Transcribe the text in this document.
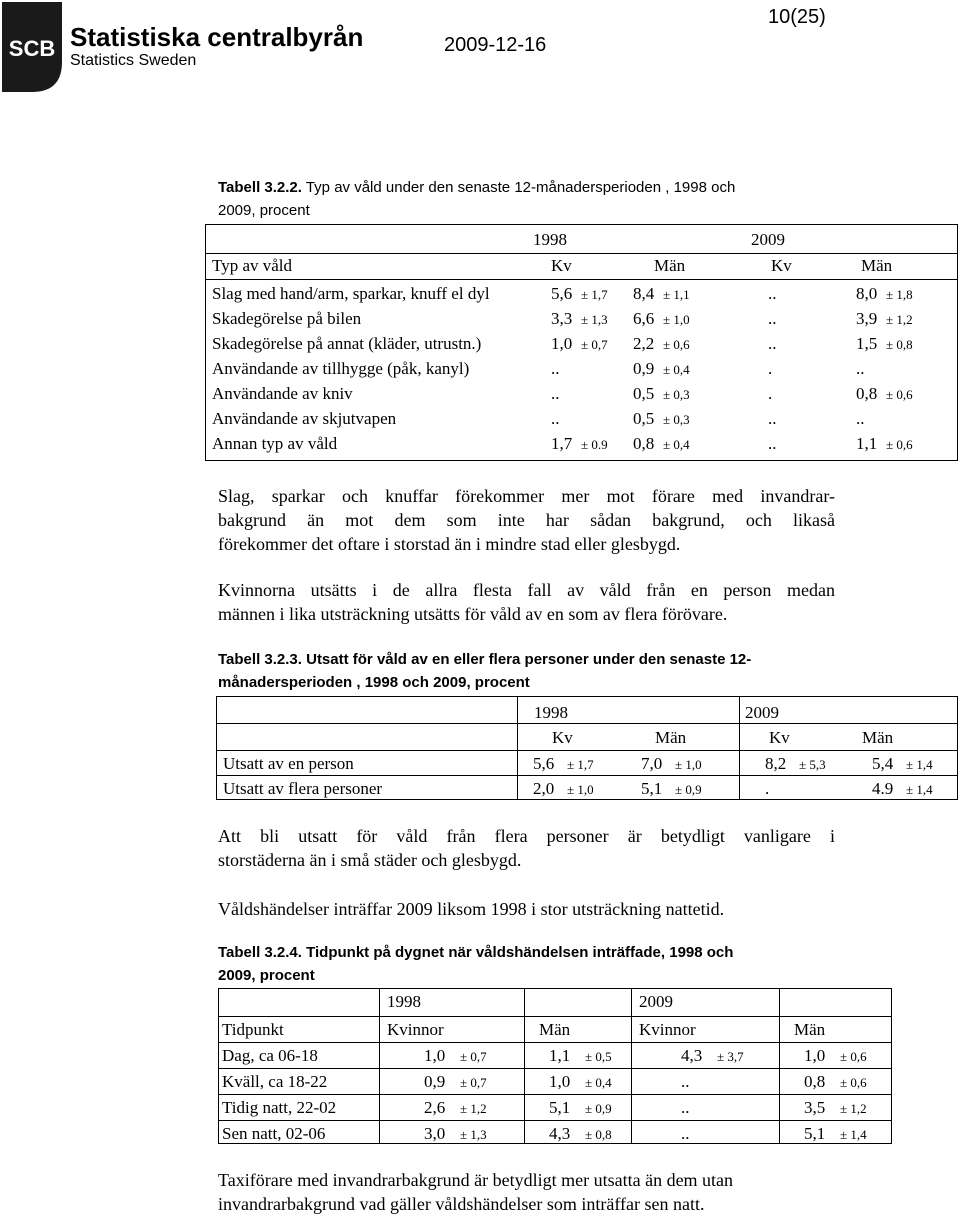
SCB Statistiska centralbyrån
Statistics Sweden
2009-12-16
10(25)
Tabell 3.2.2. Typ av våld under den senaste 12-månadersperioden , 1998 och
2009, procent
1998	2009
Typ av våld	Kv	Män	Kv	Män
Slag med hand/arm, sparkar, knuff el dyl	5,6 ± 1,7 8,4 ± 1,1	..	8,0 ± 1,8
Skadegörelse på bilen	3,3 ± 1,3 6,6 ± 1,0	..	3,9 ± 1,2
Skadegörelse på annat (kläder, utrustn.)	1,0 ± 0,7 2,2 ± 0,6	..	1,5 ± 0,8
Användande av tillhygge (påk, kanyl)	..	0,9 ± 0,4	.	..
Användande av kniv	..	0,5 ± 0,3	.	0,8 ± 0,6
Användande av skjutvapen	..	0,5 ± 0,3	..	..
Annan typ av våld	1,7 ± 0.9 0,8 ± 0,4	..	1,1 ± 0,6
Slag, sparkar och knuffar förekommer mer mot förare med invandrar-
bakgrund än mot dem som inte har sådan bakgrund, och likaså
förekommer det oftare i storstad än i mindre stad eller glesbygd.
Kvinnorna utsätts i de allra flesta fall av våld från en person medan
männen i lika utsträckning utsätts för våld av en som av flera förövare.
Tabell 3.2.3. Utsatt för våld av en eller flera personer under den senaste 12-
månadersperioden , 1998 och 2009, procent
1998	2009
Kv	Män	Kv	Män
Utsatt av en person	5,6 ± 1,7	7,0 ± 1,0	8,2 ± 5,3	5,4 ± 1,4
Utsatt av flera personer	2,0 ± 1,0	5,1 ± 0,9	.	4.9 ± 1,4
Att bli utsatt för våld från flera personer är betydligt vanligare i
storstäderna än i små städer och glesbygd.
Våldshändelser inträffar 2009 liksom 1998 i stor utsträckning nattetid.
Tabell 3.2.4. Tidpunkt på dygnet när våldshändelsen inträffade, 1998 och
2009, procent
1998	2009
Tidpunkt	Kvinnor	Män	Kvinnor	Män
Dag, ca 06-18	1,0 ± 0,7	1,1 ± 0,5	4,3 ± 3,7	1,0 ± 0,6
Kväll, ca 18-22	0,9 ± 0,7	1,0 ± 0,4	..	0,8 ± 0,6
Tidig natt, 22-02	2,6 ± 1,2	5,1 ± 0,9	..	3,5 ± 1,2
Sen natt, 02-06	3,0 ± 1,3	4,3 ± 0,8	..	5,1 ± 1,4
Taxiförare med invandrarbakgrund är betydligt mer utsatta än dem utan
invandrarbakgrund vad gäller våldshändelser som inträffar sen natt.
